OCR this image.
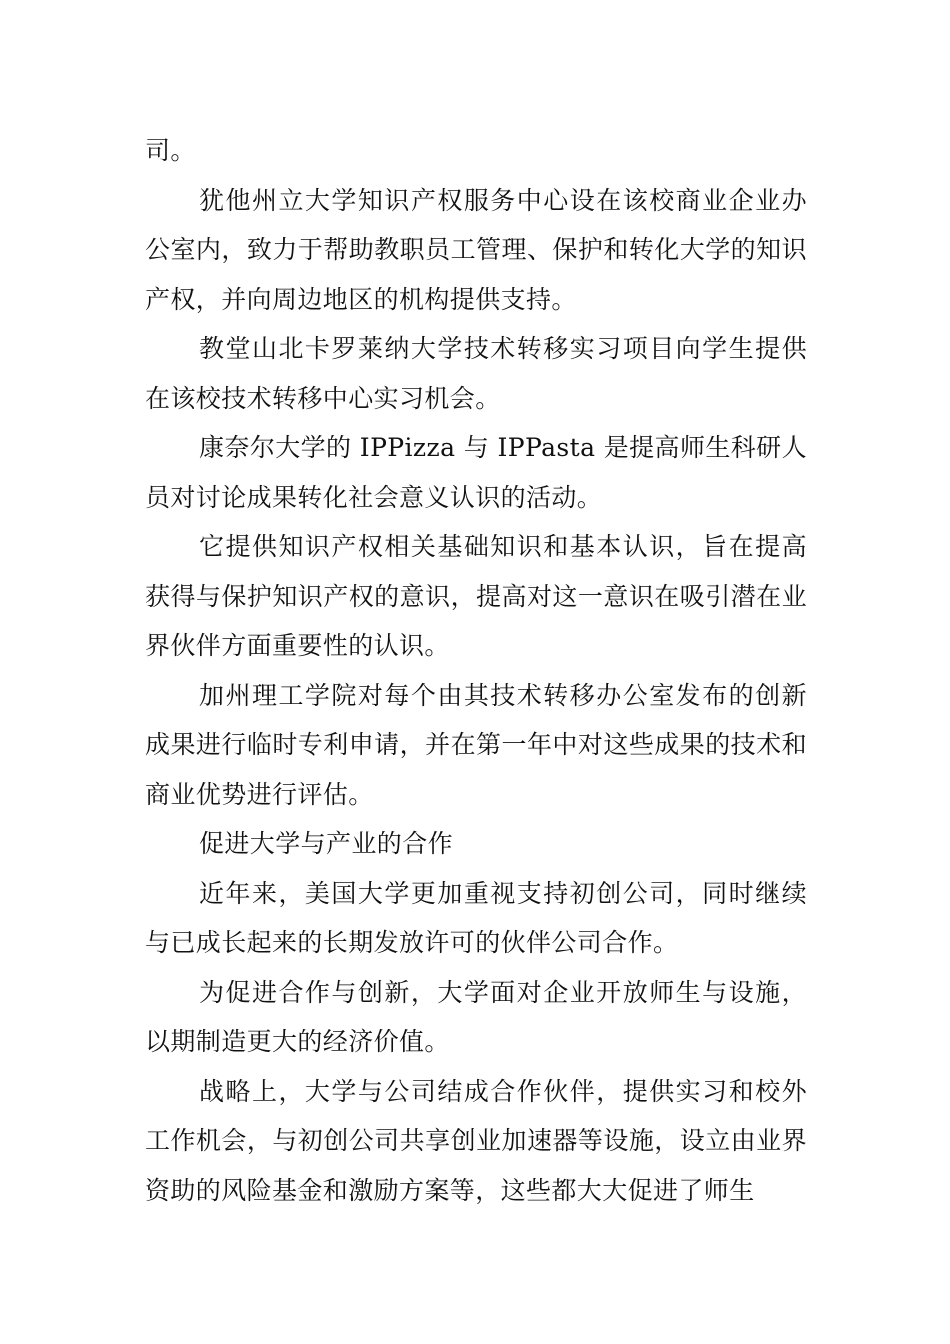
司。

犹他州立大学知识产权服务中心设在该校商业企业办公室内，致力于帮助教职员工管理、保护和转化大学的知识产权，并向周边地区的机构提供支持。

教堂山北卡罗莱纳大学技术转移实习项目向学生提供在该校技术转移中心实习机会。

康奈尔大学的 IPPizza 与 IPPasta 是提高师生科研人员对讨论成果转化社会意义认识的活动。

它提供知识产权相关基础知识和基本认识，旨在提高获得与保护知识产权的意识，提高对这一意识在吸引潜在业界伙伴方面重要性的认识。

加州理工学院对每个由其技术转移办公室发布的创新成果进行临时专利申请，并在第一年中对这些成果的技术和商业优势进行评估。

促进大学与产业的合作

近年来，美国大学更加重视支持初创公司，同时继续与已成长起来的长期发放许可的伙伴公司合作。

为促进合作与创新，大学面对企业开放师生与设施，以期制造更大的经济价值。

战略上，大学与公司结成合作伙伴，提供实习和校外工作机会，与初创公司共享创业加速器等设施，设立由业界资助的风险基金和激励方案等，这些都大大促进了师生
